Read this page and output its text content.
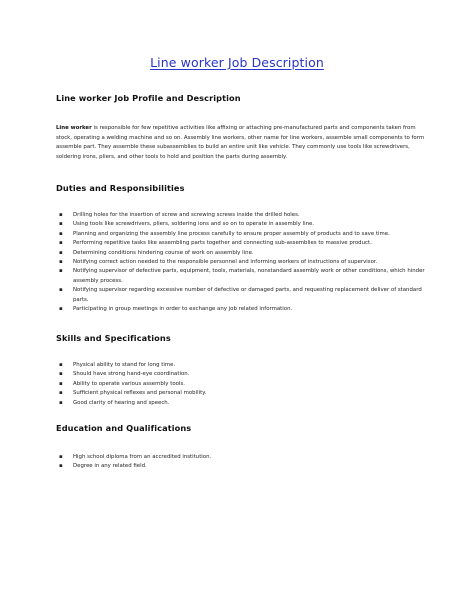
Line worker Job Description
Line worker Job Profile and Description
Line worker is responsible for few repetitive activities like affixing or attaching pre-manufactured parts and components taken from stock, operating a welding machine and so on. Assembly line workers, other name for line workers, assemble small components to form assemble part. They assemble these subassemblies to build an entire unit like vehicle. They commonly use tools like screwdrivers, soldering irons, pliers, and other tools to hold and position the parts during assembly.
Duties and Responsibilities
▪ Drilling holes for the insertion of screw and screwing screws inside the drilled holes.
▪ Using tools like screwdrivers, pliers, soldering ions and so on to operate in assembly line.
▪ Planning and organizing the assembly line process carefully to ensure proper assembly of products and to save time.
▪ Performing repetitive tasks like assembling parts together and connecting sub-assemblies to massive product.
▪ Determining conditions hindering course of work on assembly line.
▪ Notifying correct action needed to the responsible personnel and informing workers of instructions of supervisor.
▪ Notifying supervisor of defective parts, equipment, tools, materials, nonstandard assembly work or other conditions, which hinder assembly process.
▪ Notifying supervisor regarding excessive number of defective or damaged parts, and requesting replacement deliver of standard parts.
▪ Participating in group meetings in order to exchange any job related information.
Skills and Specifications
▪ Physical ability to stand for long time.
▪ Should have strong hand-eye coordination.
▪ Ability to operate various assembly tools.
▪ Sufficient physical reflexes and personal mobility.
▪ Good clarity of hearing and speech.
Education and Qualifications
▪ High school diploma from an accredited institution.
▪ Degree in any related field.
